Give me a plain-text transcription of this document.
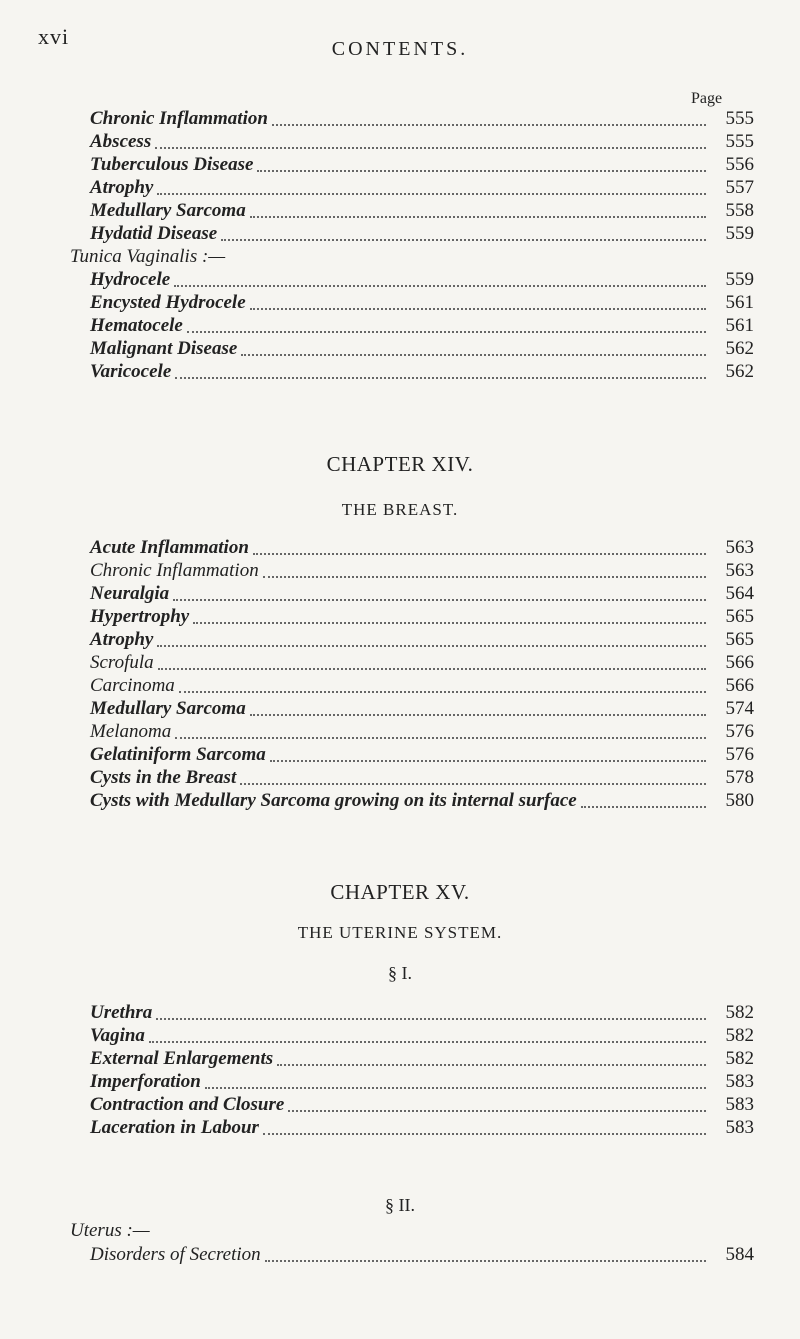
xvi	CONTENTS.
Page
Chronic Inflammation	555
Abscess	555
Tuberculous Disease	556
Atrophy	557
Medullary Sarcoma	558
Hydatid Disease	559
Tunica Vaginalis :—
Hydrocele	559
Encysted Hydrocele	561
Hematocele	561
Malignant Disease	562
Varicocele	562
CHAPTER XIV.
THE BREAST.
Acute Inflammation	563
Chronic Inflammation	563
Neuralgia	564
Hypertrophy	565
Atrophy	565
Scrofula	566
Carcinoma	566
Medullary Sarcoma	574
Melanoma	576
Gelatiniform Sarcoma	576
Cysts in the Breast	578
Cysts with Medullary Sarcoma growing on its internal surface	580
CHAPTER XV.
THE UTERINE SYSTEM.
§ I.
Urethra	582
Vagina	582
External Enlargements	582
Imperforation	583
Contraction and Closure	583
Laceration in Labour	583
§ II.
Uterus :—
Disorders of Secretion	584
